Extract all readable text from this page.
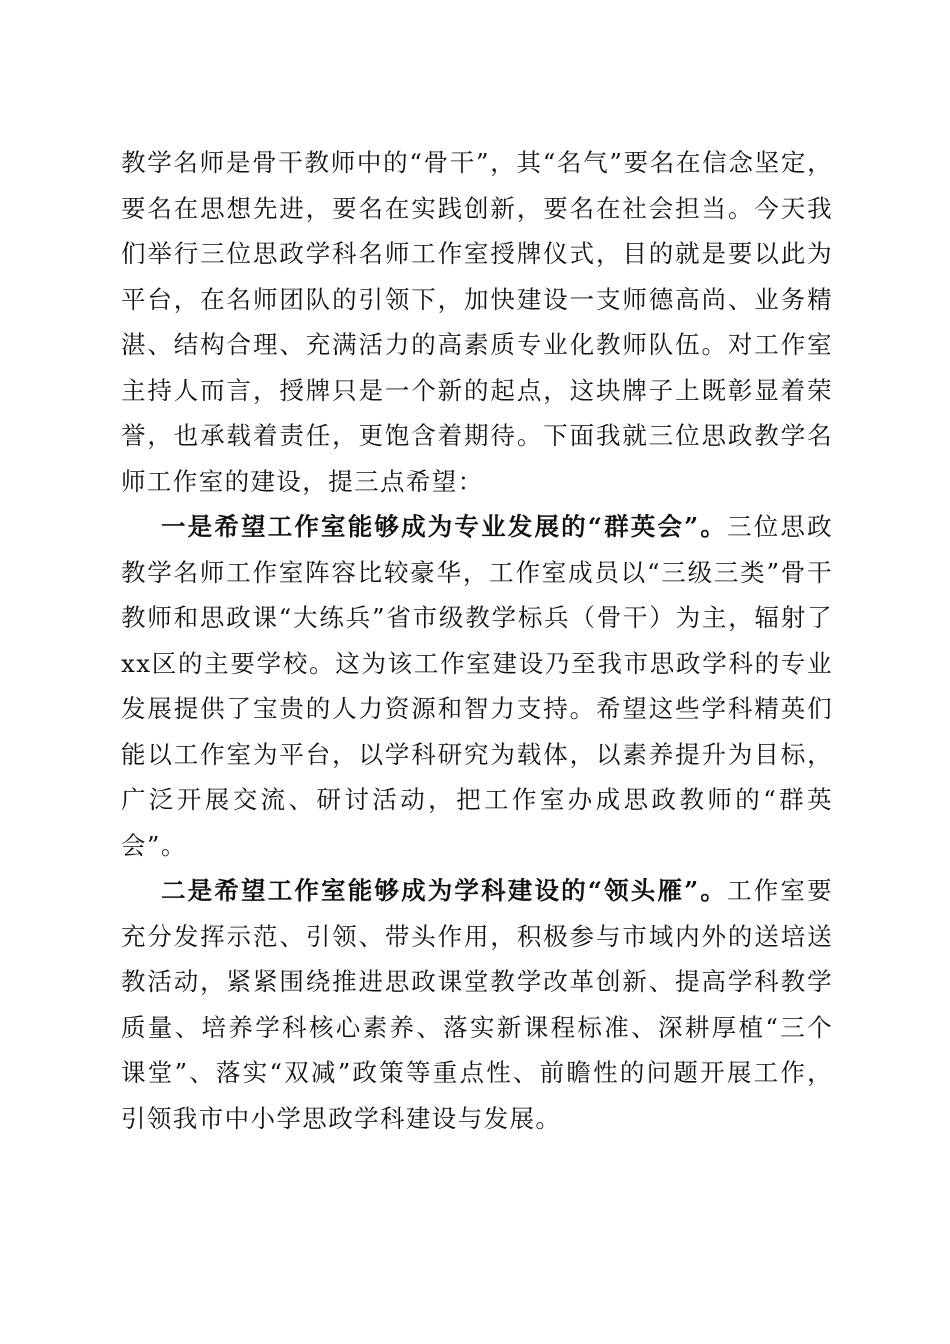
教学名师是骨干教师中的“骨干”，其“名气”要名在信念坚定，要名在思想先进，要名在实践创新，要名在社会担当。今天我们举行三位思政学科名师工作室授牌仪式，目的就是要以此为平台，在名师团队的引领下，加快建设一支师德高尚、业务精湛、结构合理、充满活力的高素质专业化教师队伍。对工作室主持人而言，授牌只是一个新的起点，这块牌子上既彰显着荣誉，也承载着责任，更饱含着期待。下面我就三位思政教学名师工作室的建设，提三点希望：

一是希望工作室能够成为专业发展的“群英会”。三位思政教学名师工作室阵容比较豪华，工作室成员以“三级三类”骨干教师和思政课“大练兵”省市级教学标兵（骨干）为主，辐射了xx区的主要学校。这为该工作室建设乃至我市思政学科的专业发展提供了宝贵的人力资源和智力支持。希望这些学科精英们能以工作室为平台，以学科研究为载体，以素养提升为目标，广泛开展交流、研讨活动，把工作室办成思政教师的“群英会”。

二是希望工作室能够成为学科建设的“领头雁”。工作室要充分发挥示范、引领、带头作用，积极参与市域内外的送培送教活动，紧紧围绕推进思政课堂教学改革创新、提高学科教学质量、培养学科核心素养、落实新课程标准、深耕厚植“三个课堂”、落实“双减”政策等重点性、前瞻性的问题开展工作，引领我市中小学思政学科建设与发展。
